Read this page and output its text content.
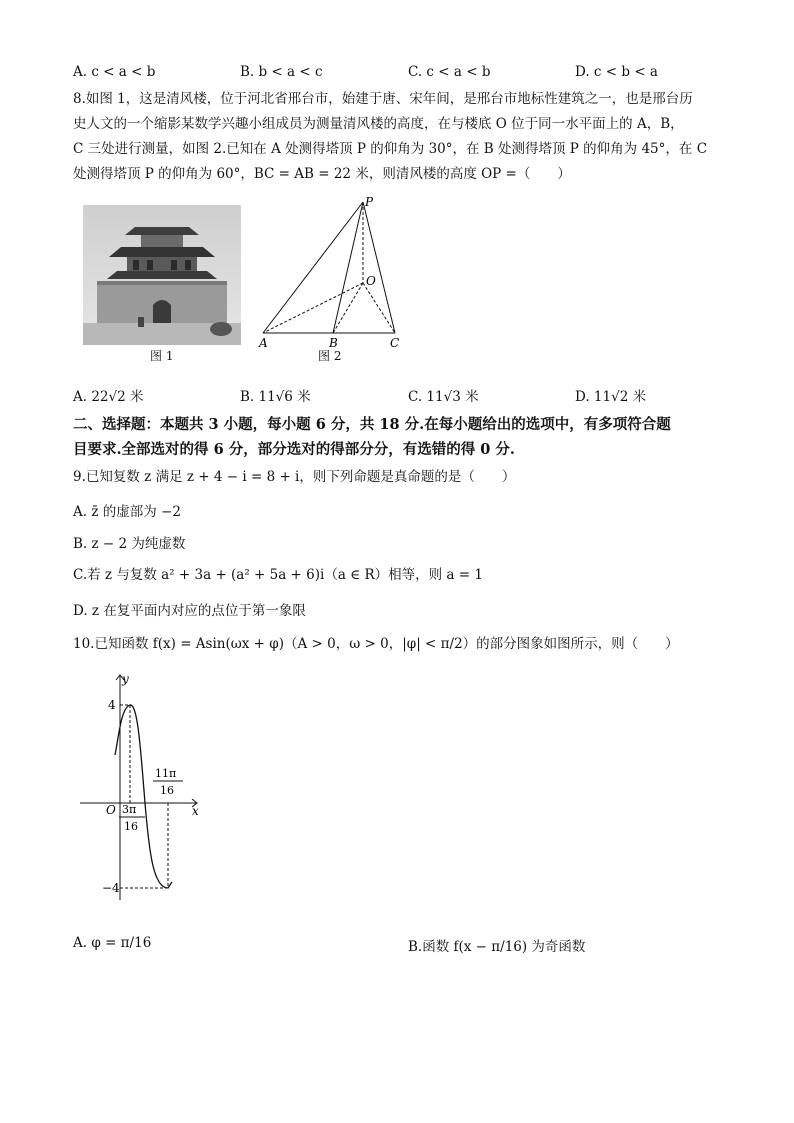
A. c < a < b	B. b < a < c	C. c < a < b	D. c < b < a
8.如图 1，这是清风楼，位于河北省邢台市，始建于唐、宋年间，是邢台市地标性建筑之一，也是邢台历
史人文的一个缩影某数学兴趣小组成员为测量清风楼的高度，在与楼底 O 位于同一水平面上的 A，B，
C 三处进行测量，如图 2.已知在 A 处测得塔顶 P 的仰角为 30°，在 B 处测得塔顶 P 的仰角为 45°，在 C
处测得塔顶 P 的仰角为 60°，BC = AB = 22 米，则清风楼的高度 OP =（　　）
图 1
P
O
A	B	C
图 2
A. 22√2 米	B. 11√6 米	C. 11√3 米	D. 11√2 米
二、选择题：本题共 3 小题，每小题 6 分，共 18 分.在每小题给出的选项中，有多项符合题
目要求.全部选对的得 6 分，部分选对的得部分分，有选错的得 0 分.
9.已知复数 z 满足 z + 4 − i = 8 + i，则下列命题是真命题的是（　　）
A. z̄ 的虚部为 −2
B. z − 2 为纯虚数
C.若 z 与复数 a² + 3a + (a² + 5a + 6)i（a ∈ R）相等，则 a = 1
D. z 在复平面内对应的点位于第一象限
10.已知函数 f(x) = Asin(ωx + φ)（A > 0，ω > 0，|φ| < π/2）的部分图象如图所示，则（　　）
y
x
O
4
−4
3π
16
11π
16
A. φ = π/16	B.函数 f(x − π/16) 为奇函数
